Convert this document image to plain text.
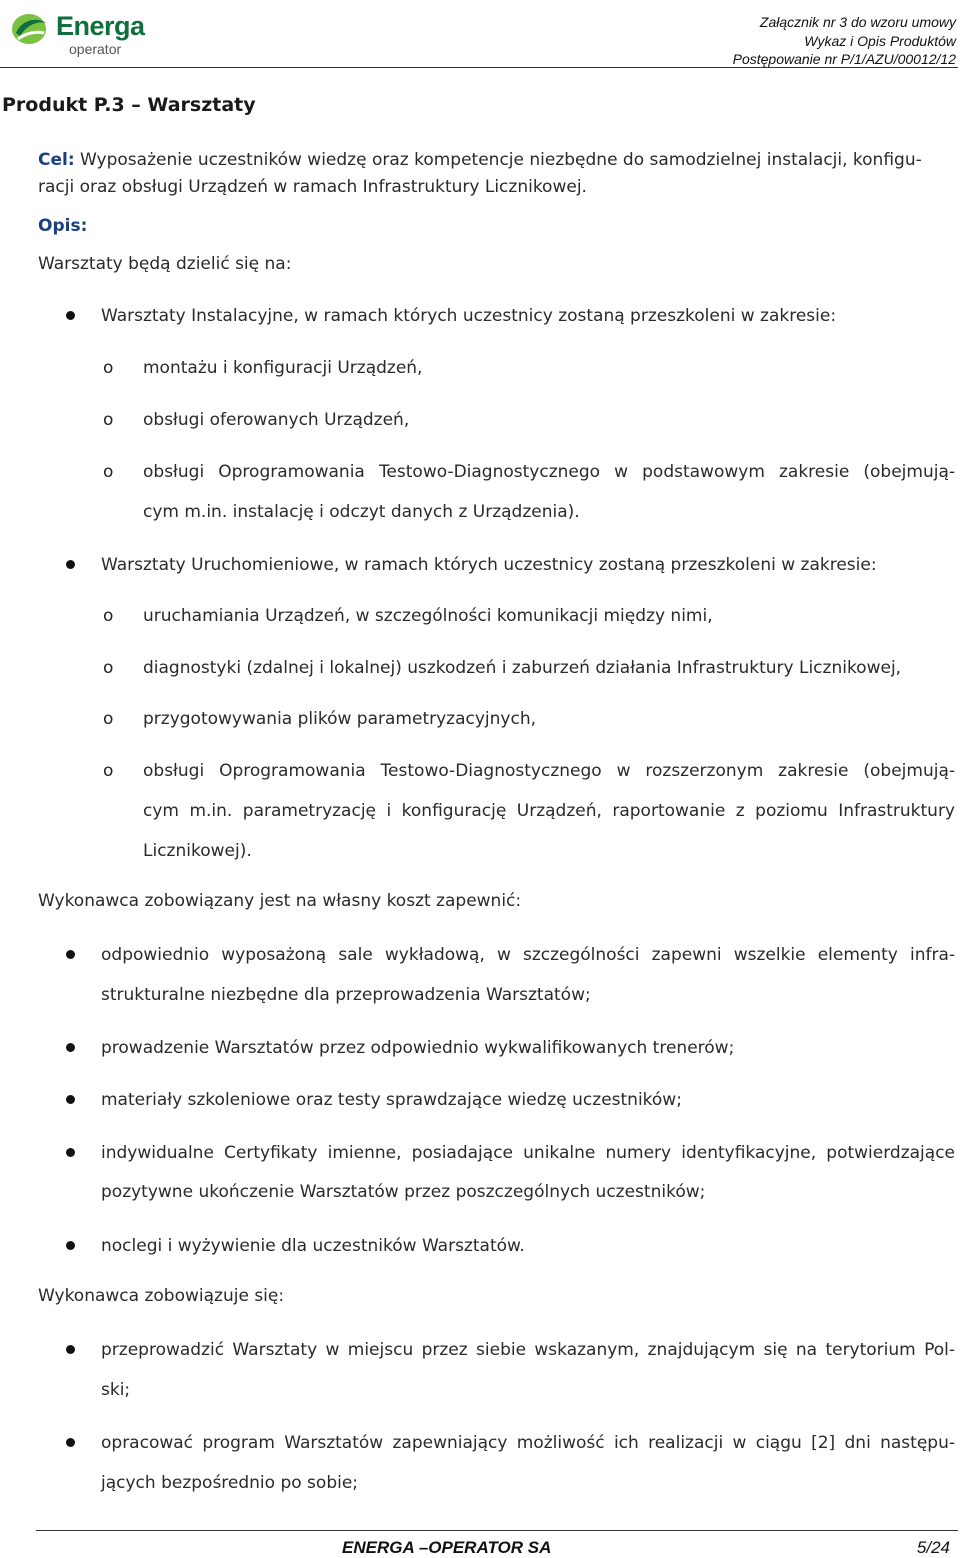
Energa
operator
Załącznik nr 3 do wzoru umowy
Wykaz i Opis Produktów
Postępowanie nr P/1/AZU/00012/12
Produkt P.3 – Warsztaty
Cel: Wyposażenie uczestników wiedzę oraz kompetencje niezbędne do samodzielnej instalacji, konfigu-
racji oraz obsługi Urządzeń w ramach Infrastruktury Licznikowej.
Opis:
Warsztaty będą dzielić się na:
Warsztaty Instalacyjne, w ramach których uczestnicy zostaną przeszkoleni w zakresie:
o montażu i konfiguracji Urządzeń,
o obsługi oferowanych Urządzeń,
o obsługi Oprogramowania Testowo-Diagnostycznego w podstawowym zakresie (obejmują-
cym m.in. instalację i odczyt danych z Urządzenia).
Warsztaty Uruchomieniowe, w ramach których uczestnicy zostaną przeszkoleni w zakresie:
o uruchamiania Urządzeń, w szczególności komunikacji między nimi,
o diagnostyki (zdalnej i lokalnej) uszkodzeń i zaburzeń działania Infrastruktury Licznikowej,
o przygotowywania plików parametryzacyjnych,
o obsługi Oprogramowania Testowo-Diagnostycznego w rozszerzonym zakresie (obejmują-
cym m.in. parametryzację i konfigurację Urządzeń, raportowanie z poziomu Infrastruktury
Licznikowej).
Wykonawca zobowiązany jest na własny koszt zapewnić:
odpowiednio wyposażoną sale wykładową, w szczególności zapewni wszelkie elementy infra-
strukturalne niezbędne dla przeprowadzenia Warsztatów;
prowadzenie Warsztatów przez odpowiednio wykwalifikowanych trenerów;
materiały szkoleniowe oraz testy sprawdzające wiedzę uczestników;
indywidualne Certyfikaty imienne, posiadające unikalne numery identyfikacyjne, potwierdzające
pozytywne ukończenie Warsztatów przez poszczególnych uczestników;
noclegi i wyżywienie dla uczestników Warsztatów.
Wykonawca zobowiązuje się:
przeprowadzić Warsztaty w miejscu przez siebie wskazanym, znajdującym się na terytorium Pol-
ski;
opracować program Warsztatów zapewniający możliwość ich realizacji w ciągu [2] dni następu-
jących bezpośrednio po sobie;
ENERGA –OPERATOR SA	5/24
